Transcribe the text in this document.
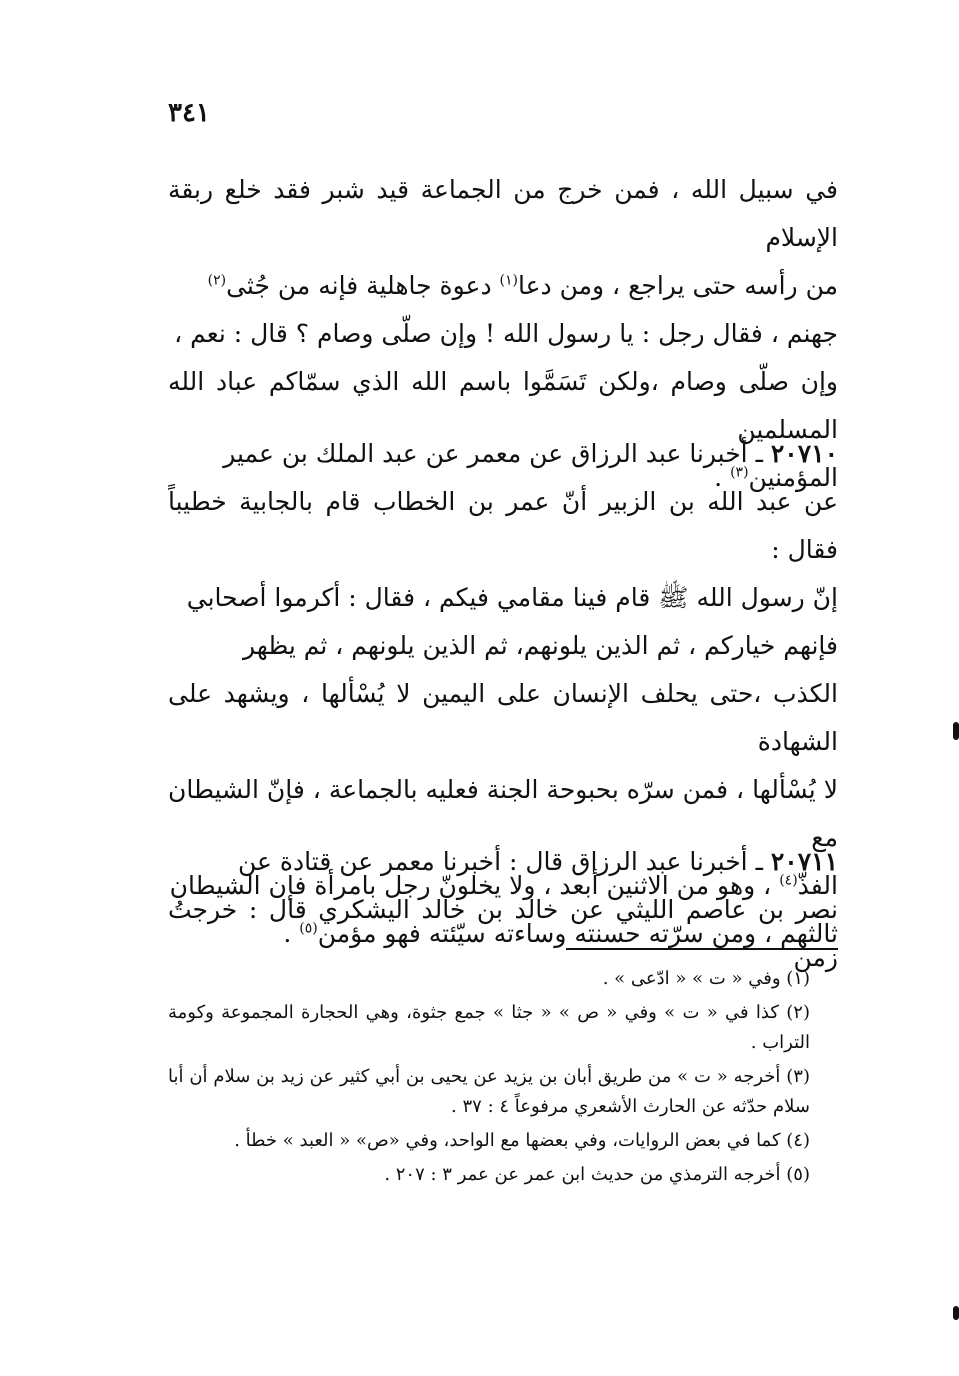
٣٤١

في سبيل الله ، فمن خرج من الجماعة قيد شبر فقد خلع ربقة الإسلام

من رأسه حتى يراجع ، ومن دعا$^{(١)}$ دعوة جاهلية فإنه من جُثى$^{(٢)}$

جهنم ، فقال رجل : يا رسول الله ! وإن صلّى وصام ؟ قال : نعم ،

وإن صلّى وصام ،ولكن تَسَمَّوا باسم الله الذي سمّاكم عباد الله المسلمين

المؤمنين$^{(٣)}$ .

٢٠٧١٠ ـ أخبرنا عبد الرزاق عن معمر عن عبد الملك بن عمير

عن عبد الله بن الزبير أنّ عمر بن الخطاب قام بالجابية خطيباً فقال :

إنّ رسول الله ﷺ قام فينا مقامي فيكم ، فقال : أكرموا أصحابي

فإنهم خياركم ، ثم الذين يلونهم، ثم الذين يلونهم ، ثم يظهر

الكذب ،حتى يحلف الإنسان على اليمين لا يُسْألها ، ويشهد على الشهادة

لا يُسْألها ، فمن سرّه بحبوحة الجنة فعليه بالجماعة ، فإنّ الشيطان مع

الفذّ$^{(٤)}$ ، وهو من الاثنين أبعد ، ولا يخلونّ رجل بامرأة فإن الشيطان

ثالثهم ، ومن سرّته حسنته وساءته سيّئته فهو مؤمن$^{(٥)}$ .

٢٠٧١١ ـ أخبرنا عبد الرزاق قال : أخبرنا معمر عن قتادة عن

نصر بن عاصم الليثي عن خالد بن خالد اليشكري قال : خرجتُ زمن

(١) وفي « ت » « ادّعى » .
(٢) كذا في « ت » وفي « ص » « جثا » جمع جثوة، وهي الحجارة المجموعة وكومة التراب .
(٣) أخرجه « ت » من طريق أبان بن يزيد عن يحيى بن أبي كثير عن زيد بن سلام أن أبا سلام حدّثه عن الحارث الأشعري مرفوعاً ٤ : ٣٧ .
(٤) كما في بعض الروايات، وفي بعضها مع الواحد، وفي «ص» « العبد » خطأ .
(٥) أخرجه الترمذي من حديث ابن عمر عن عمر ٣ : ٢٠٧ .
